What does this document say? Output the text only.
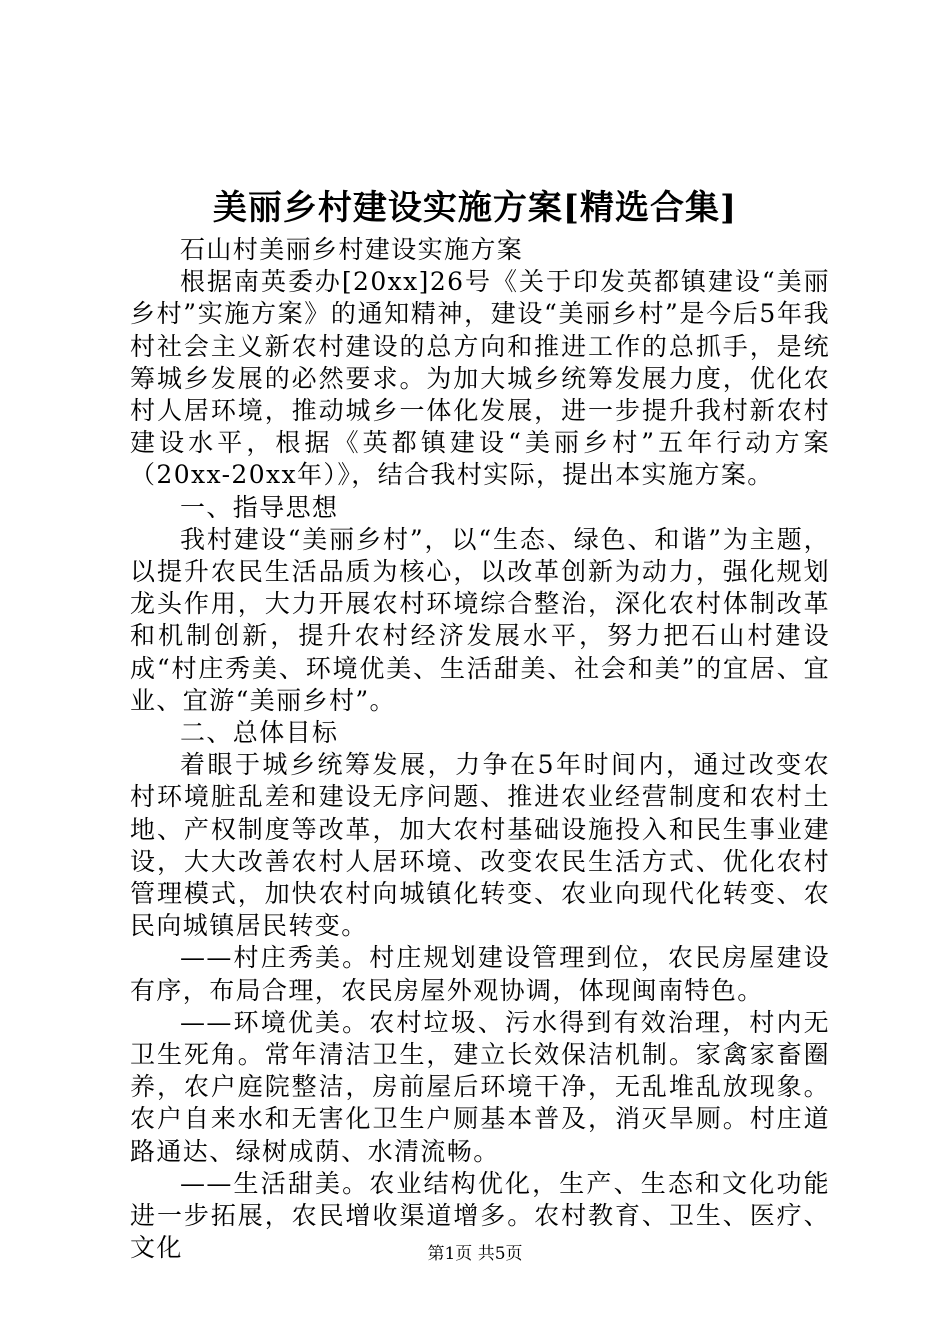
美丽乡村建设实施方案[精选合集]

石山村美丽乡村建设实施方案

根据南英委办[20xx]26号《关于印发英都镇建设“美丽乡村”实施方案》的通知精神，建设“美丽乡村”是今后5年我村社会主义新农村建设的总方向和推进工作的总抓手，是统筹城乡发展的必然要求。为加大城乡统筹发展力度，优化农村人居环境，推动城乡一体化发展，进一步提升我村新农村建设水平，根据《英都镇建设“美丽乡村”五年行动方案（20xx-20xx年）》，结合我村实际，提出本实施方案。

一、指导思想

我村建设“美丽乡村”，以“生态、绿色、和谐”为主题，以提升农民生活品质为核心，以改革创新为动力，强化规划龙头作用，大力开展农村环境综合整治，深化农村体制改革和机制创新，提升农村经济发展水平，努力把石山村建设成“村庄秀美、环境优美、生活甜美、社会和美”的宜居、宜业、宜游“美丽乡村”。

二、总体目标

着眼于城乡统筹发展，力争在5年时间内，通过改变农村环境脏乱差和建设无序问题、推进农业经营制度和农村土地、产权制度等改革，加大农村基础设施投入和民生事业建设，大大改善农村人居环境、改变农民生活方式、优化农村管理模式，加快农村向城镇化转变、农业向现代化转变、农民向城镇居民转变。

——村庄秀美。村庄规划建设管理到位，农民房屋建设有序，布局合理，农民房屋外观协调，体现闽南特色。

——环境优美。农村垃圾、污水得到有效治理，村内无卫生死角。常年清洁卫生，建立长效保洁机制。家禽家畜圈养，农户庭院整洁，房前屋后环境干净，无乱堆乱放现象。农户自来水和无害化卫生户厕基本普及，消灭旱厕。村庄道路通达、绿树成荫、水清流畅。

——生活甜美。农业结构优化，生产、生态和文化功能进一步拓展，农民增收渠道增多。农村教育、卫生、医疗、文化	第1页 共5页
